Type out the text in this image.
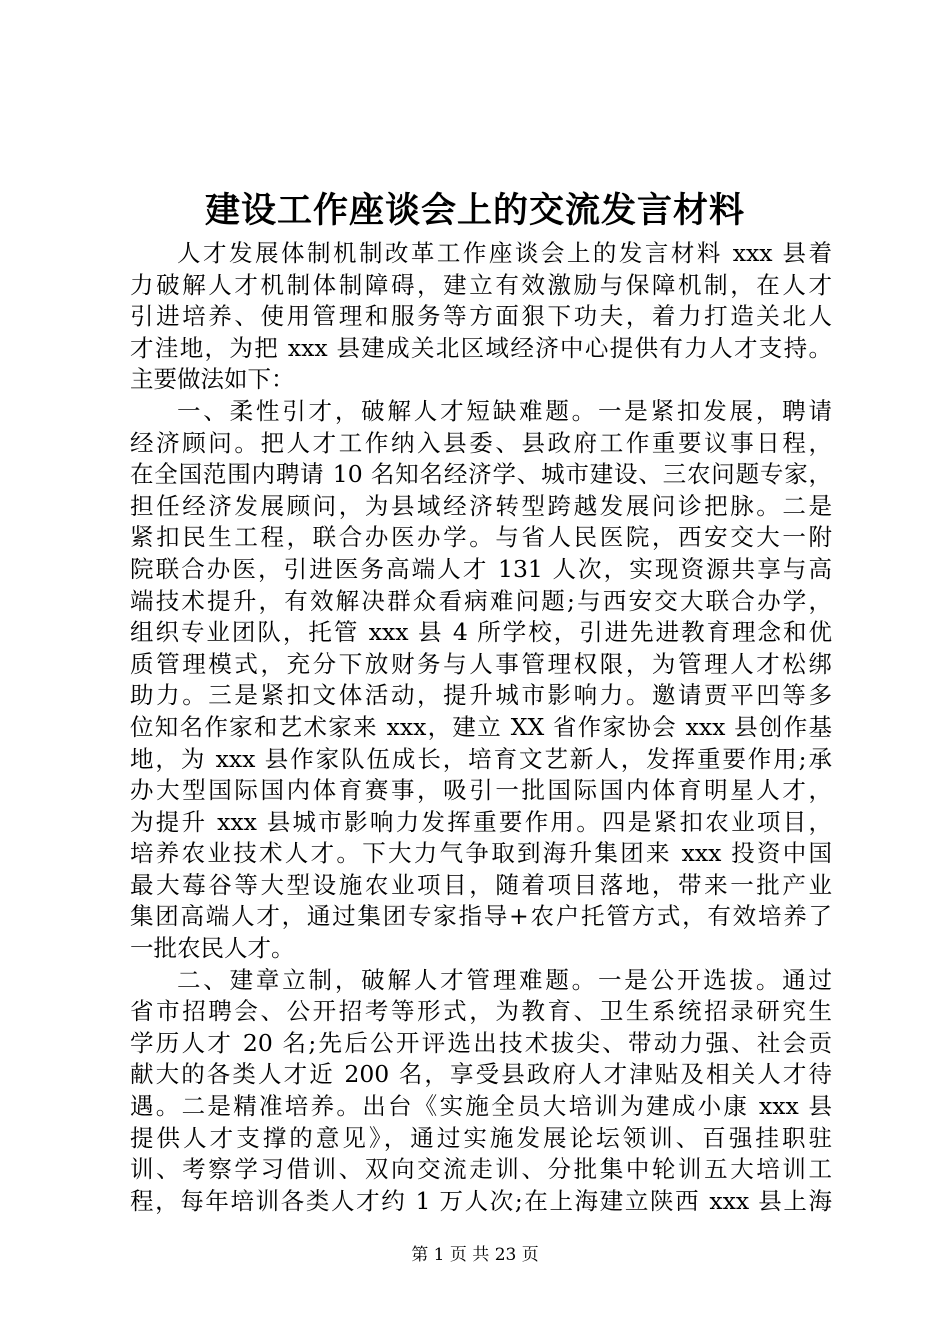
建设工作座谈会上的交流发言材料
人才发展体制机制改革工作座谈会上的发言材料 xxx 县着
力破解人才机制体制障碍，建立有效激励与保障机制，在人才
引进培养、使用管理和服务等方面狠下功夫，着力打造关北人
才洼地，为把 xxx 县建成关北区域经济中心提供有力人才支持。
主要做法如下：
一、柔性引才，破解人才短缺难题。一是紧扣发展，聘请
经济顾问。把人才工作纳入县委、县政府工作重要议事日程，
在全国范围内聘请 10 名知名经济学、城市建设、三农问题专家，
担任经济发展顾问，为县域经济转型跨越发展问诊把脉。二是
紧扣民生工程，联合办医办学。与省人民医院，西安交大一附
院联合办医，引进医务高端人才 131 人次，实现资源共享与高
端技术提升，有效解决群众看病难问题;与西安交大联合办学，
组织专业团队，托管 xxx 县 4 所学校，引进先进教育理念和优
质管理模式，充分下放财务与人事管理权限，为管理人才松绑
助力。三是紧扣文体活动，提升城市影响力。邀请贾平凹等多
位知名作家和艺术家来 xxx，建立 XX 省作家协会 xxx 县创作基
地，为 xxx 县作家队伍成长，培育文艺新人，发挥重要作用;承
办大型国际国内体育赛事，吸引一批国际国内体育明星人才，
为提升 xxx 县城市影响力发挥重要作用。四是紧扣农业项目，
培养农业技术人才。下大力气争取到海升集团来 xxx 投资中国
最大莓谷等大型设施农业项目，随着项目落地，带来一批产业
集团高端人才，通过集团专家指导+农户托管方式，有效培养了
一批农民人才。
二、建章立制，破解人才管理难题。一是公开选拔。通过
省市招聘会、公开招考等形式，为教育、卫生系统招录研究生
学历人才 20 名;先后公开评选出技术拔尖、带动力强、社会贡
献大的各类人才近 200 名，享受县政府人才津贴及相关人才待
遇。二是精准培养。出台《实施全员大培训为建成小康 xxx 县
提供人才支撑的意见》，通过实施发展论坛领训、百强挂职驻
训、考察学习借训、双向交流走训、分批集中轮训五大培训工
程，每年培训各类人才约 1 万人次;在上海建立陕西 xxx 县上海
第 1 页 共 23 页
